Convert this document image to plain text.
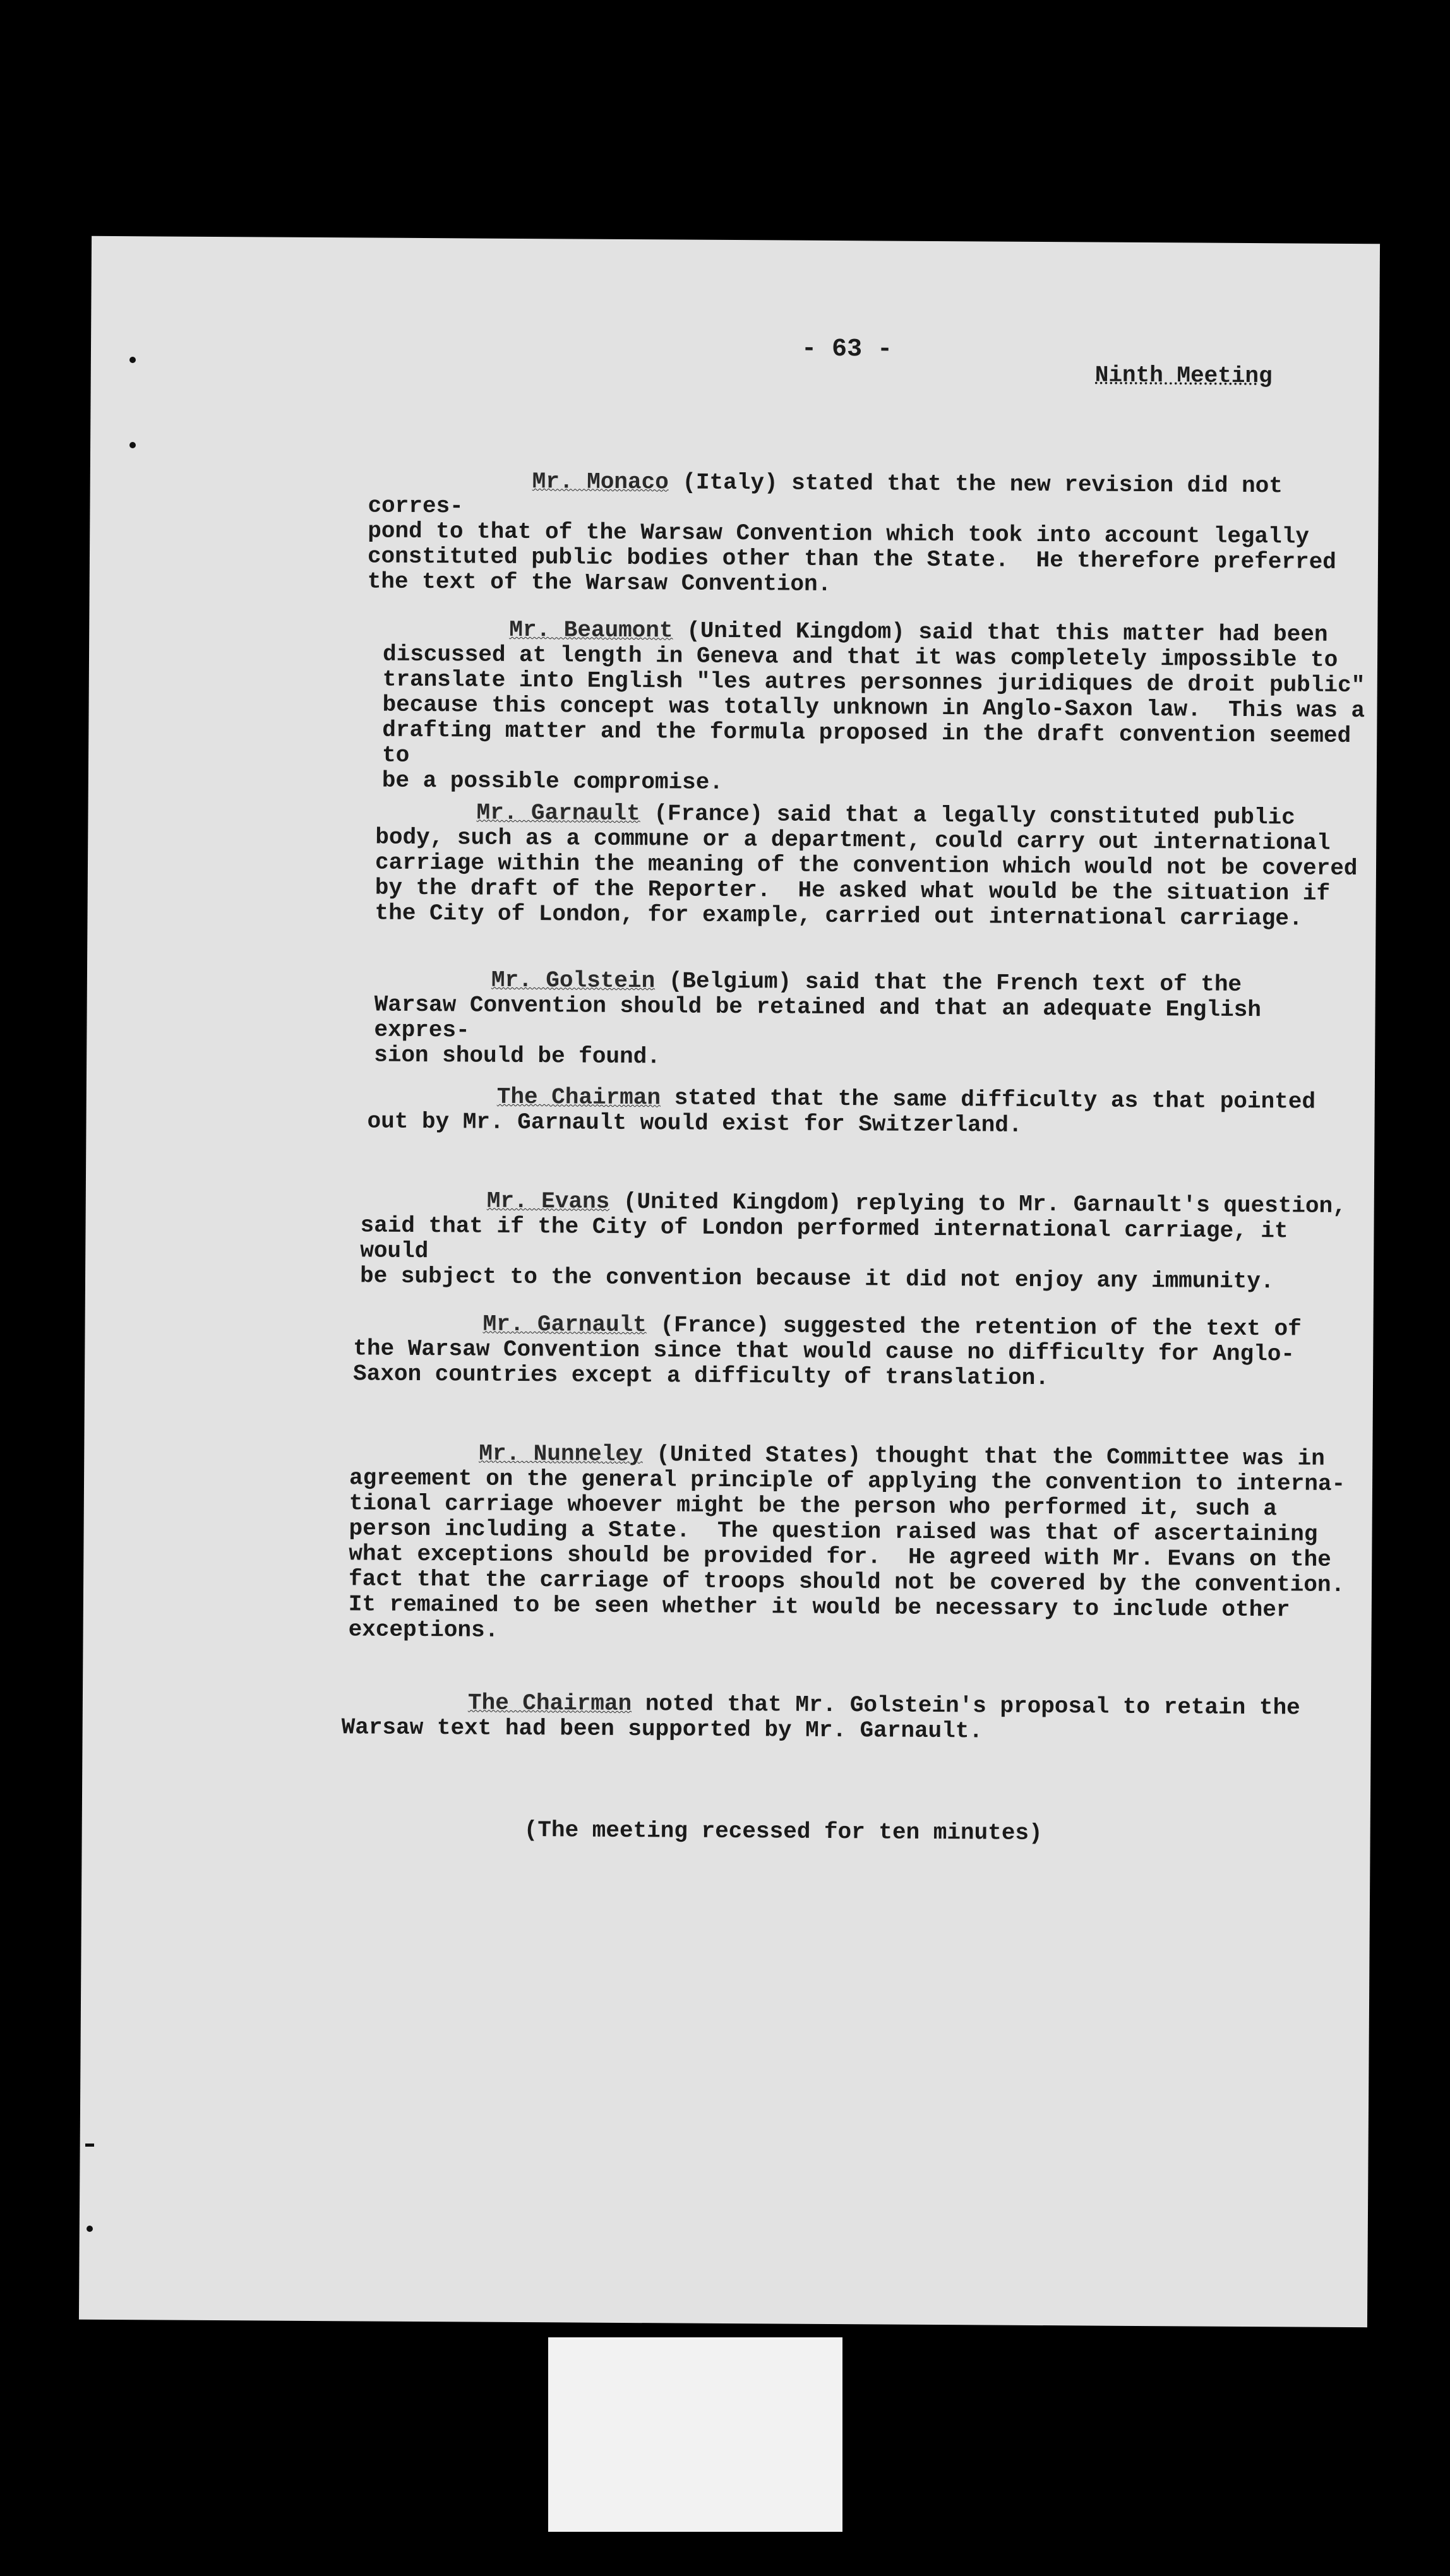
- 63 -
Ninth Meeting
Mr. Monaco (Italy) stated that the new revision did not corres-
pond to that of the Warsaw Convention which took into account legally
constituted public bodies other than the State.  He therefore preferred
the text of the Warsaw Convention.
Mr. Beaumont (United Kingdom) said that this matter had been
discussed at length in Geneva and that it was completely impossible to
translate into English "les autres personnes juridiques de droit public"
because this concept was totally unknown in Anglo-Saxon law.  This was a
drafting matter and the formula proposed in the draft convention seemed to
be a possible compromise.
Mr. Garnault (France) said that a legally constituted public
body, such as a commune or a department, could carry out international
carriage within the meaning of the convention which would not be covered
by the draft of the Reporter.  He asked what would be the situation if
the City of London, for example, carried out international carriage.
Mr. Golstein (Belgium) said that the French text of the
Warsaw Convention should be retained and that an adequate English expres-
sion should be found.
The Chairman stated that the same difficulty as that pointed
out by Mr. Garnault would exist for Switzerland.
Mr. Evans (United Kingdom) replying to Mr. Garnault's question,
said that if the City of London performed international carriage, it would
be subject to the convention because it did not enjoy any immunity.
Mr. Garnault (France) suggested the retention of the text of
the Warsaw Convention since that would cause no difficulty for Anglo-
Saxon countries except a difficulty of translation.
Mr. Nunneley (United States) thought that the Committee was in
agreement on the general principle of applying the convention to interna-
tional carriage whoever might be the person who performed it, such a
person including a State.  The question raised was that of ascertaining
what exceptions should be provided for.  He agreed with Mr. Evans on the
fact that the carriage of troops should not be covered by the convention.
It remained to be seen whether it would be necessary to include other
exceptions.
The Chairman noted that Mr. Golstein's proposal to retain the
Warsaw text had been supported by Mr. Garnault.
(The meeting recessed for ten minutes)
